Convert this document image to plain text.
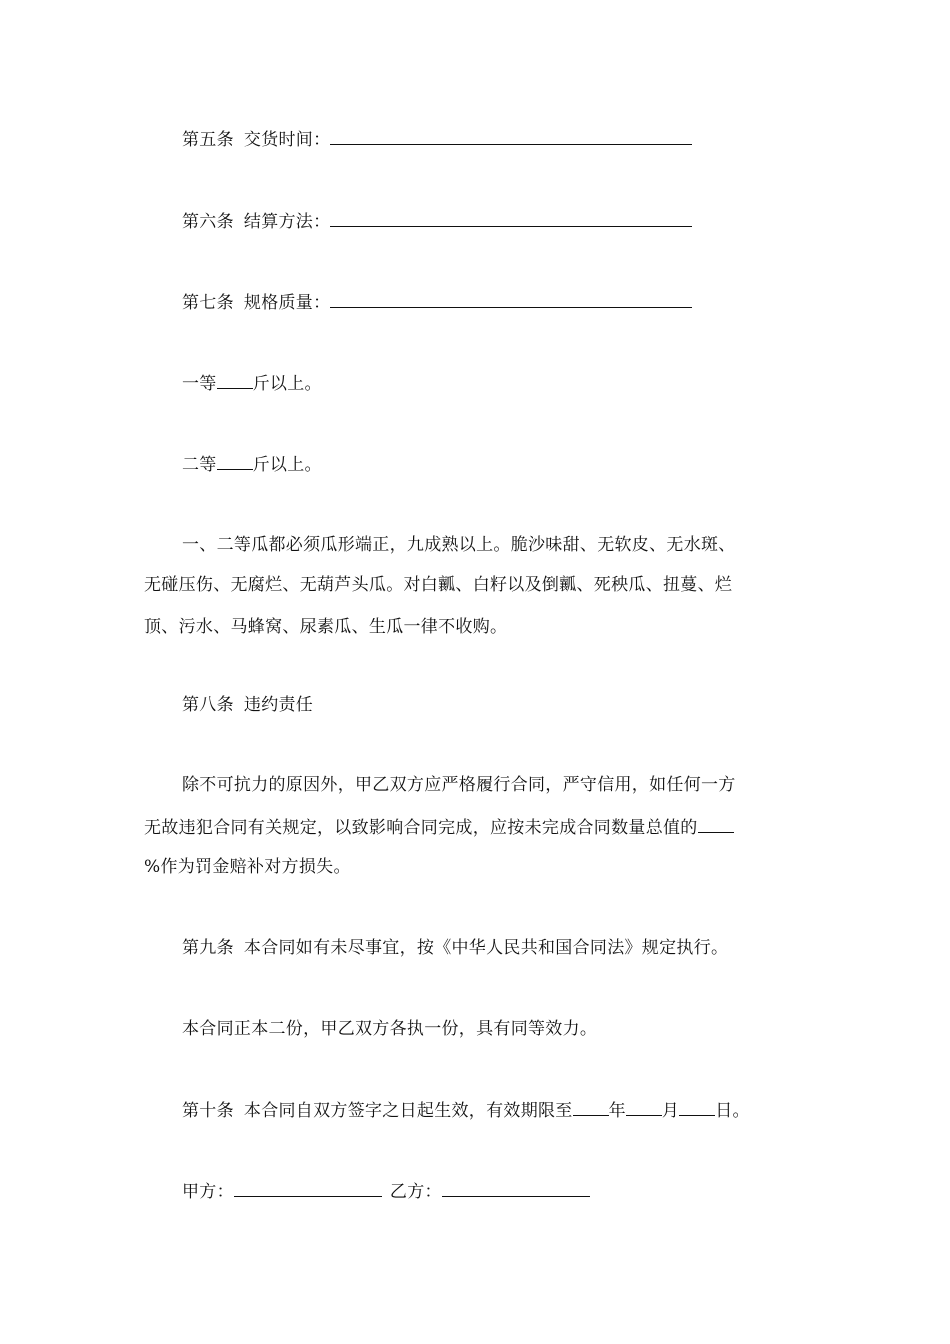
第五条 交货时间：
第六条 结算方法：
第七条 规格质量：
一等 斤以上。
二等 斤以上。
一、二等瓜都必须瓜形端正，九成熟以上。脆沙味甜、无软皮、无水斑、
无碰压伤、无腐烂、无葫芦头瓜。对白瓤、白籽以及倒瓤、死秧瓜、扭蔓、烂
顶、污水、马蜂窝、尿素瓜、生瓜一律不收购。
第八条 违约责任
除不可抗力的原因外，甲乙双方应严格履行合同，严守信用，如任何一方
无故违犯合同有关规定，以致影响合同完成，应按未完成合同数量总值的
%作为罚金赔补对方损失。
第九条 本合同如有未尽事宜，按《中华人民共和国合同法》规定执行。
本合同正本二份，甲乙双方各执一份，具有同等效力。
第十条 本合同自双方签字之日起生效，有效期限至 年 月 日。
甲方：	乙方：
